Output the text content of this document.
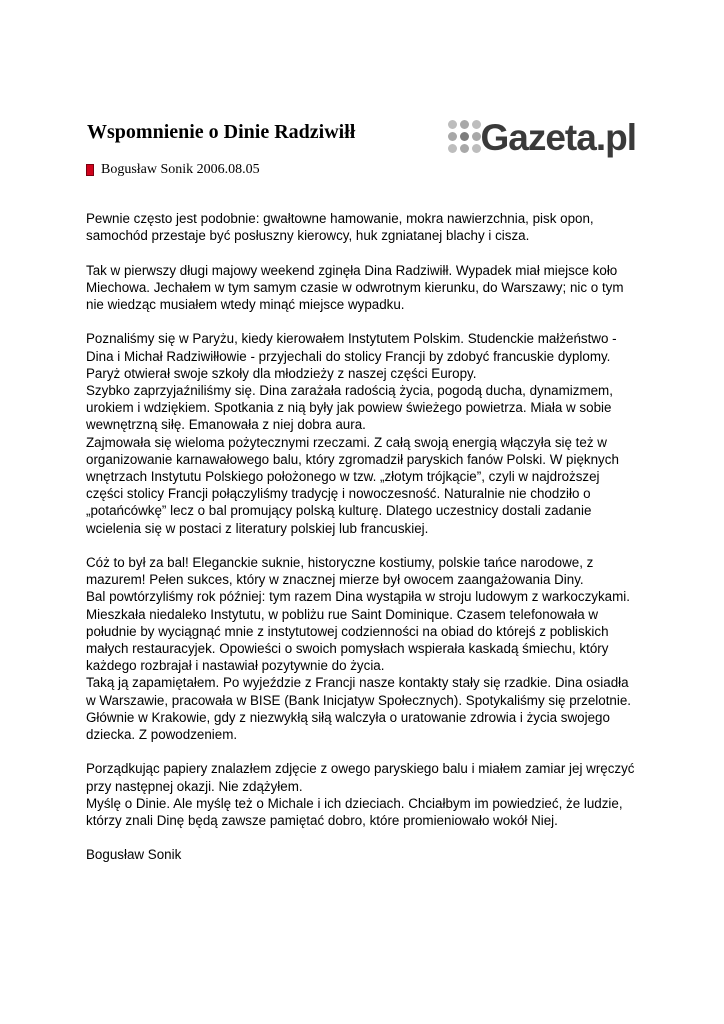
Wspomnienie o Dinie Radziwiłł	Gazeta.pl
Bogusław Sonik 2006.08.05

Pewnie często jest podobnie: gwałtowne hamowanie, mokra nawierzchnia, pisk opon,
samochód przestaje być posłuszny kierowcy, huk zgniatanej blachy i cisza.

Tak w pierwszy długi majowy weekend zginęła Dina Radziwiłł. Wypadek miał miejsce koło
Miechowa. Jechałem w tym samym czasie w odwrotnym kierunku, do Warszawy; nic o tym
nie wiedząc musiałem wtedy minąć miejsce wypadku.

Poznaliśmy się w Paryżu, kiedy kierowałem Instytutem Polskim. Studenckie małżeństwo -
Dina i Michał Radziwiłłowie - przyjechali do stolicy Francji by zdobyć francuskie dyplomy.
Paryż otwierał swoje szkoły dla młodzieży z naszej części Europy.
Szybko zaprzyjaźniliśmy się. Dina zarażała radością życia, pogodą ducha, dynamizmem,
urokiem i wdziękiem. Spotkania z nią były jak powiew świeżego powietrza. Miała w sobie
wewnętrzną siłę. Emanowała z niej dobra aura.
Zajmowała się wieloma pożytecznymi rzeczami. Z całą swoją energią włączyła się też w
organizowanie karnawałowego balu, który zgromadził paryskich fanów Polski. W pięknych
wnętrzach Instytutu Polskiego położonego w tzw. „złotym trójkącie”, czyli w najdroższej
części stolicy Francji połączyliśmy tradycję i nowoczesność. Naturalnie nie chodziło o
„potańcówkę” lecz o bal promujący polską kulturę. Dlatego uczestnicy dostali zadanie
wcielenia się w postaci z literatury polskiej lub francuskiej.

Cóż to był za bal! Eleganckie suknie, historyczne kostiumy, polskie tańce narodowe, z
mazurem! Pełen sukces, który w znacznej mierze był owocem zaangażowania Diny.
Bal powtórzyliśmy rok później: tym razem Dina wystąpiła w stroju ludowym z warkoczykami.
Mieszkała niedaleko Instytutu, w pobliżu rue Saint Dominique. Czasem telefonowała w
południe by wyciągnąć mnie z instytutowej codzienności na obiad do którejś z pobliskich
małych restauracyjek. Opowieści o swoich pomysłach wspierała kaskadą śmiechu, który
każdego rozbrajał i nastawiał pozytywnie do życia.
Taką ją zapamiętałem. Po wyjeździe z Francji nasze kontakty stały się rzadkie. Dina osiadła
w Warszawie, pracowała w BISE (Bank Inicjatyw Społecznych). Spotykaliśmy się przelotnie.
Głównie w Krakowie, gdy z niezwykłą siłą walczyła o uratowanie zdrowia i życia swojego
dziecka. Z powodzeniem.

Porządkując papiery znalazłem zdjęcie z owego paryskiego balu i miałem zamiar jej wręczyć
przy następnej okazji. Nie zdążyłem.
Myślę o Dinie. Ale myślę też o Michale i ich dzieciach. Chciałbym im powiedzieć, że ludzie,
którzy znali Dinę będą zawsze pamiętać dobro, które promieniowało wokół Niej.

Bogusław Sonik
